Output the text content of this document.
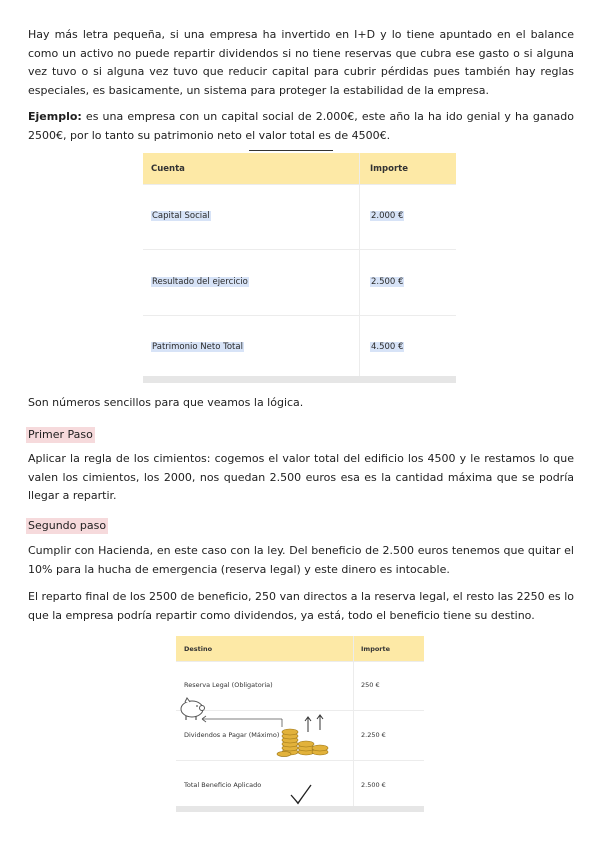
Hay más letra pequeña, si una empresa ha invertido en I+D y lo tiene apuntado en el balance como un activo no puede repartir dividendos si no tiene reservas que cubra ese gasto o si alguna vez tuvo o si alguna vez tuvo que reducir capital para cubrir pérdidas pues también hay reglas especiales, es basicamente, un sistema para proteger la estabilidad de la empresa.

Ejemplo: es una empresa con un capital social de 2.000€, este año la ha ido genial y ha ganado 2500€, por lo tanto su patrimonio neto el valor total es de 4500€.

Cuenta	Importe
Capital Social	2.000 €
Resultado del ejercicio	2.500 €
Patrimonio Neto Total	4.500 €

Son números sencillos para que veamos la lógica.

Primer Paso

Aplicar la regla de los cimientos: cogemos el valor total del edificio los 4500 y le restamos lo que valen los cimientos, los 2000, nos quedan 2.500 euros esa es la cantidad máxima que se podría llegar a repartir.

Segundo paso

Cumplir con Hacienda, en este caso con la ley. Del beneficio de 2.500 euros tenemos que quitar el 10% para la hucha de emergencia (reserva legal) y este dinero es intocable.

El reparto final de los 2500 de beneficio, 250 van directos a la reserva legal, el resto las 2250 es lo que la empresa podría repartir como dividendos, ya está, todo el beneficio tiene su destino.

Destino	Importe
Reserva Legal (Obligatoria)	250 €
Dividendos a Pagar (Máximo)	2.250 €
Total Beneficio Aplicado	2.500 €
